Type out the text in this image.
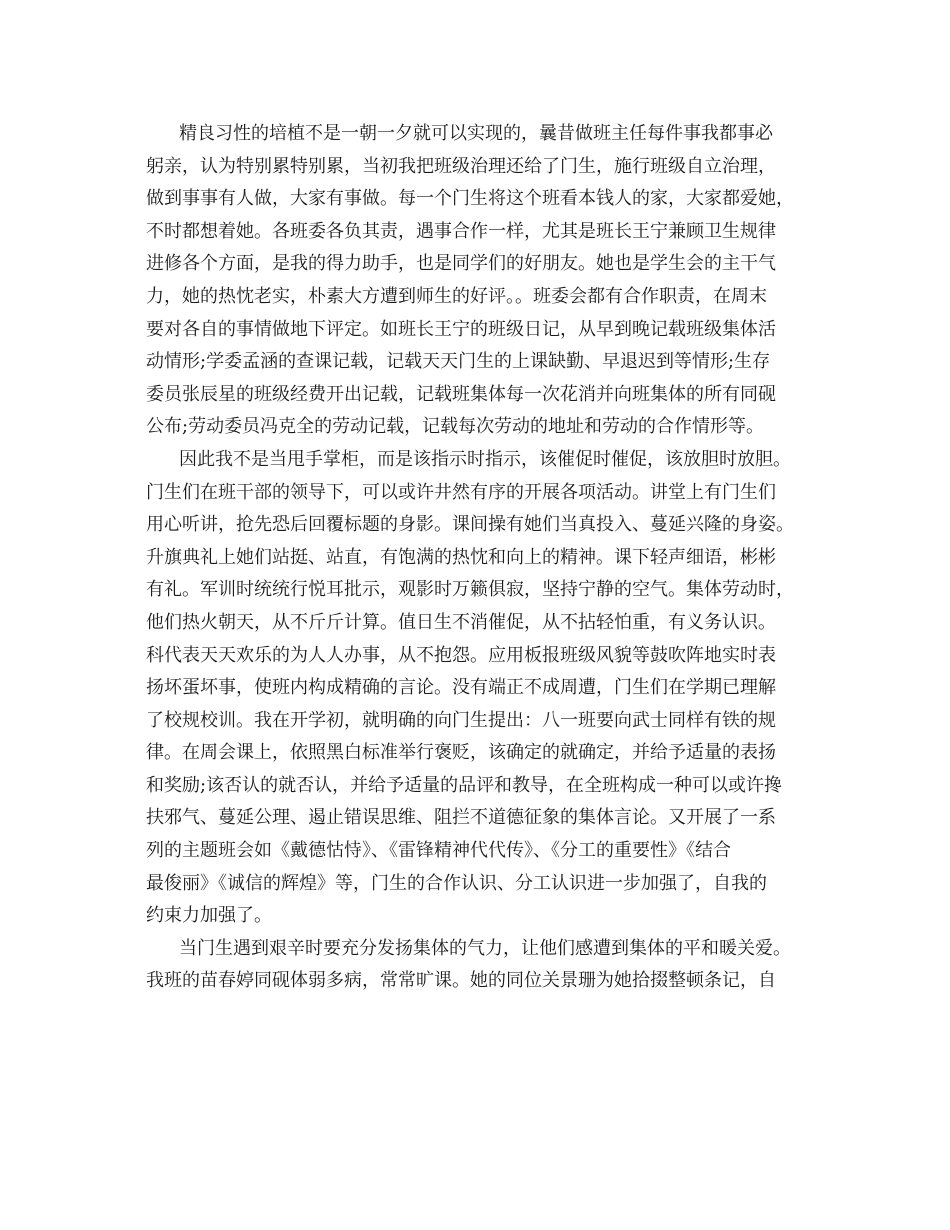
精良习性的培植不是一朝一夕就可以实现的，曩昔做班主任每件事我都事必
躬亲，认为特别累特别累，当初我把班级治理还给了门生，施行班级自立治理，
做到事事有人做，大家有事做。每一个门生将这个班看本钱人的家，大家都爱她，
不时都想着她。各班委各负其责，遇事合作一样，尤其是班长王宁兼顾卫生规律
进修各个方面，是我的得力助手，也是同学们的好朋友。她也是学生会的主干气
力，她的热忱老实，朴素大方遭到师生的好评。。班委会都有合作职责，在周末
要对各自的事情做地下评定。如班长王宁的班级日记，从早到晚记载班级集体活
动情形;学委孟涵的查课记载，记载天天门生的上课缺勤、早退迟到等情形;生存
委员张辰星的班级经费开出记载，记载班集体每一次花消并向班集体的所有同砚
公布;劳动委员冯克全的劳动记载，记载每次劳动的地址和劳动的合作情形等。
因此我不是当甩手掌柜，而是该指示时指示，该催促时催促，该放胆时放胆。
门生们在班干部的领导下，可以或许井然有序的开展各项活动。讲堂上有门生们
用心听讲，抢先恐后回覆标题的身影。课间操有她们当真投入、蔓延兴隆的身姿。
升旗典礼上她们站挺、站直，有饱满的热忱和向上的精神。课下轻声细语，彬彬
有礼。军训时统统行悦耳批示，观影时万籁俱寂，坚持宁静的空气。集体劳动时，
他们热火朝天，从不斤斤计算。值日生不消催促，从不拈轻怕重，有义务认识。
科代表天天欢乐的为人人办事，从不抱怨。应用板报班级风貌等鼓吹阵地实时表
扬坏蛋坏事，使班内构成精确的言论。没有端正不成周遭，门生们在学期已理解
了校规校训。我在开学初，就明确的向门生提出：八一班要向武士同样有铁的规
律。在周会课上，依照黑白标准举行褒贬，该确定的就确定，并给予适量的表扬
和奖励;该否认的就否认，并给予适量的品评和教导，在全班构成一种可以或许搀
扶邪气、蔓延公理、遏止错误思维、阻拦不道德征象的集体言论。又开展了一系
列的主题班会如《戴德怙恃》、《雷锋精神代代传》、《分工的重要性》《结合
最俊丽》《诚信的辉煌》等，门生的合作认识、分工认识进一步加强了，自我的
约束力加强了。
当门生遇到艰辛时要充分发扬集体的气力，让他们感遭到集体的平和暖关爱。
我班的苗春婷同砚体弱多病，常常旷课。她的同位关景珊为她拾掇整顿条记，自
